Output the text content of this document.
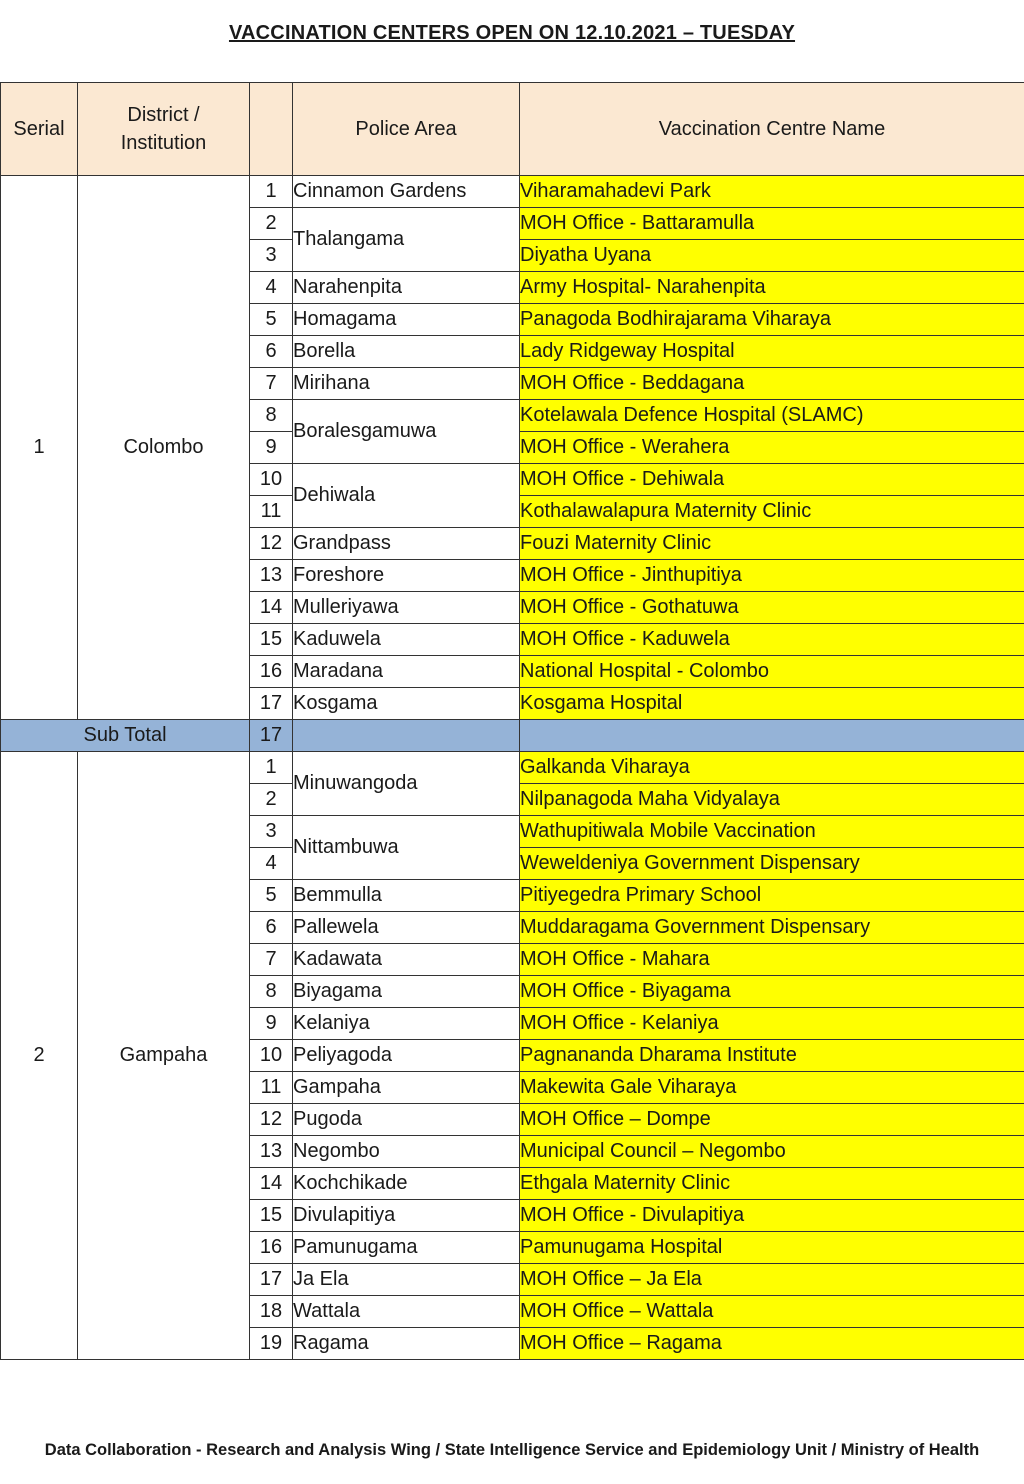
VACCINATION CENTERS OPEN ON 12.10.2021 – TUESDAY
Serial	District / Institution		Police Area	Vaccination Centre Name
1	Colombo	1	Cinnamon Gardens	Viharamahadevi Park
		2	Thalangama	MOH Office - Battaramulla
		3		Diyatha Uyana
		4	Narahenpita	Army Hospital- Narahenpita
		5	Homagama	Panagoda Bodhirajarama Viharaya
		6	Borella	Lady Ridgeway Hospital
		7	Mirihana	MOH Office - Beddagana
		8	Boralesgamuwa	Kotelawala Defence Hospital (SLAMC)
		9		MOH Office - Werahera
		10	Dehiwala	MOH Office - Dehiwala
		11		Kothalawalapura Maternity Clinic
		12	Grandpass	Fouzi Maternity Clinic
		13	Foreshore	MOH Office - Jinthupitiya
		14	Mulleriyawa	MOH Office - Gothatuwa
		15	Kaduwela	MOH Office - Kaduwela
		16	Maradana	National Hospital - Colombo
		17	Kosgama	Kosgama Hospital
Sub Total		17		
2	Gampaha	1	Minuwangoda	Galkanda Viharaya
		2		Nilpanagoda Maha Vidyalaya
		3	Nittambuwa	Wathupitiwala Mobile Vaccination
		4		Weweldeniya Government Dispensary
		5	Bemmulla	Pitiyegedra Primary School
		6	Pallewela	Muddaragama Government Dispensary
		7	Kadawata	MOH Office - Mahara
		8	Biyagama	MOH Office - Biyagama
		9	Kelaniya	MOH Office - Kelaniya
		10	Peliyagoda	Pagnananda Dharama Institute
		11	Gampaha	Makewita Gale Viharaya
		12	Pugoda	MOH Office – Dompe
		13	Negombo	Municipal Council – Negombo
		14	Kochchikade	Ethgala Maternity Clinic
		15	Divulapitiya	MOH Office - Divulapitiya
		16	Pamunugama	Pamunugama Hospital
		17	Ja Ela	MOH Office – Ja Ela
		18	Wattala	MOH Office – Wattala
		19	Ragama	MOH Office – Ragama
Data Collaboration - Research and Analysis Wing / State Intelligence Service and Epidemiology Unit / Ministry of Health
